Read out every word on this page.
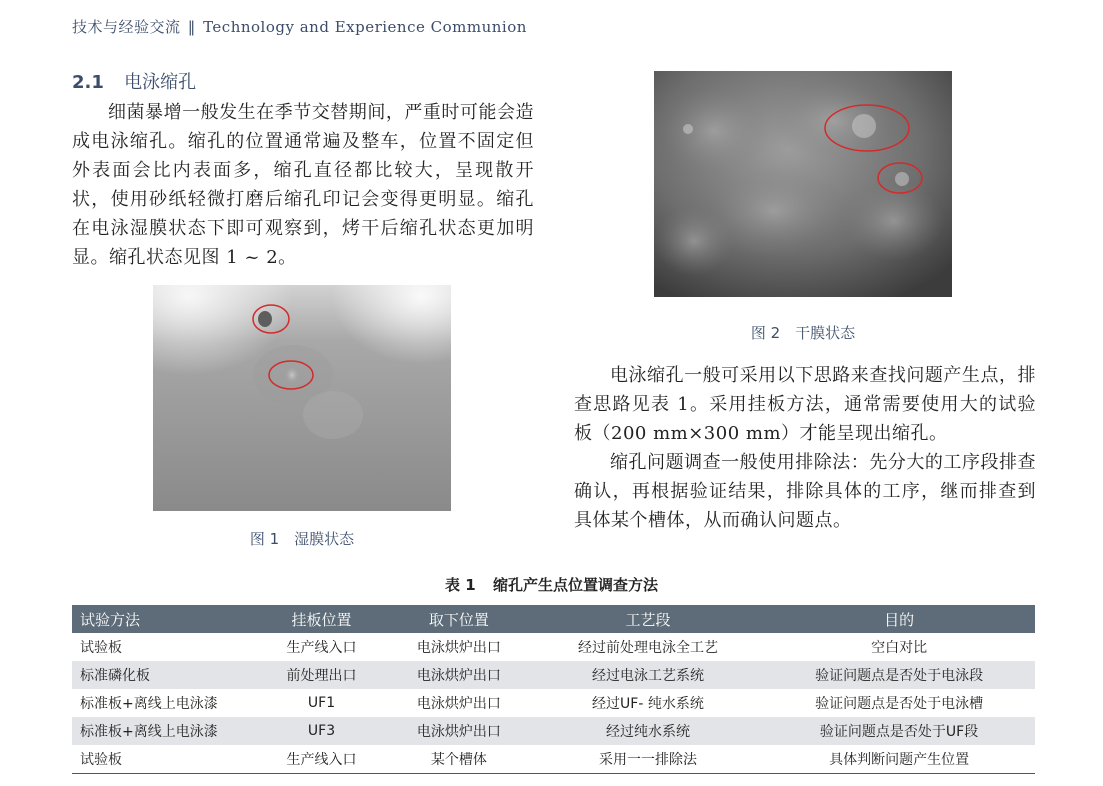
技术与经验交流 ‖ Technology and Experience Communion
2.1 电泳缩孔

细菌暴增一般发生在季节交替期间，严重时可能会造成电泳缩孔。缩孔的位置通常遍及整车，位置不固定但外表面会比内表面多，缩孔直径都比较大，呈现散开状，使用砂纸轻微打磨后缩孔印记会变得更明显。缩孔在电泳湿膜状态下即可观察到，烤干后缩孔状态更加明显。缩孔状态见图 1 ~ 2。

图 1　湿膜状态
图 2　干膜状态

电泳缩孔一般可采用以下思路来查找问题产生点，排查思路见表 1。采用挂板方法，通常需要使用大的试验板（200 mm×300 mm）才能呈现出缩孔。

缩孔问题调查一般使用排除法：先分大的工序段排查确认，再根据验证结果，排除具体的工序，继而排查到具体某个槽体，从而确认问题点。

表 1 缩孔产生点位置调查方法
试验方法	挂板位置	取下位置	工艺段	目的
试验板	生产线入口	电泳烘炉出口	经过前处理电泳全工艺	空白对比
标准磷化板	前处理出口	电泳烘炉出口	经过电泳工艺系统	验证问题点是否处于电泳段
标准板+离线上电泳漆	UF1	电泳烘炉出口	经过UF- 纯水系统	验证问题点是否处于电泳槽
标准板+离线上电泳漆	UF3	电泳烘炉出口	经过纯水系统	验证问题点是否处于UF段
试验板	生产线入口	某个槽体	采用一一排除法	具体判断问题产生位置
